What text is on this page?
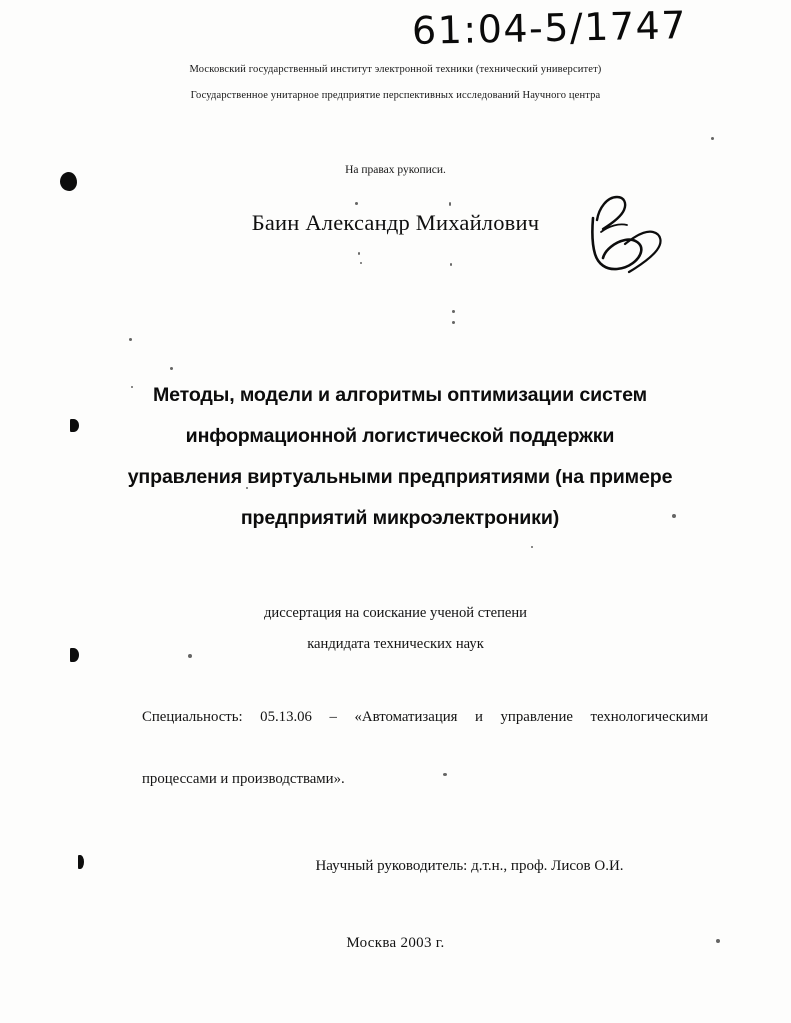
61:04-5/1747
Московский государственный институт электронной техники (технический университет)
Государственное унитарное предприятие перспективных исследований Научного центра
На правах рукописи.
Баин Александр Михайлович
Методы, модели и алгоритмы оптимизации систем
информационной логистической поддержки
управления виртуальными предприятиями (на примере
предприятий микроэлектроники)
диссертация на соискание ученой степени
кандидата технических наук
Специальность: 05.13.06 – «Автоматизация и управление технологическими
процессами и производствами».
Научный руководитель: д.т.н., проф. Лисов О.И.
Москва 2003 г.
